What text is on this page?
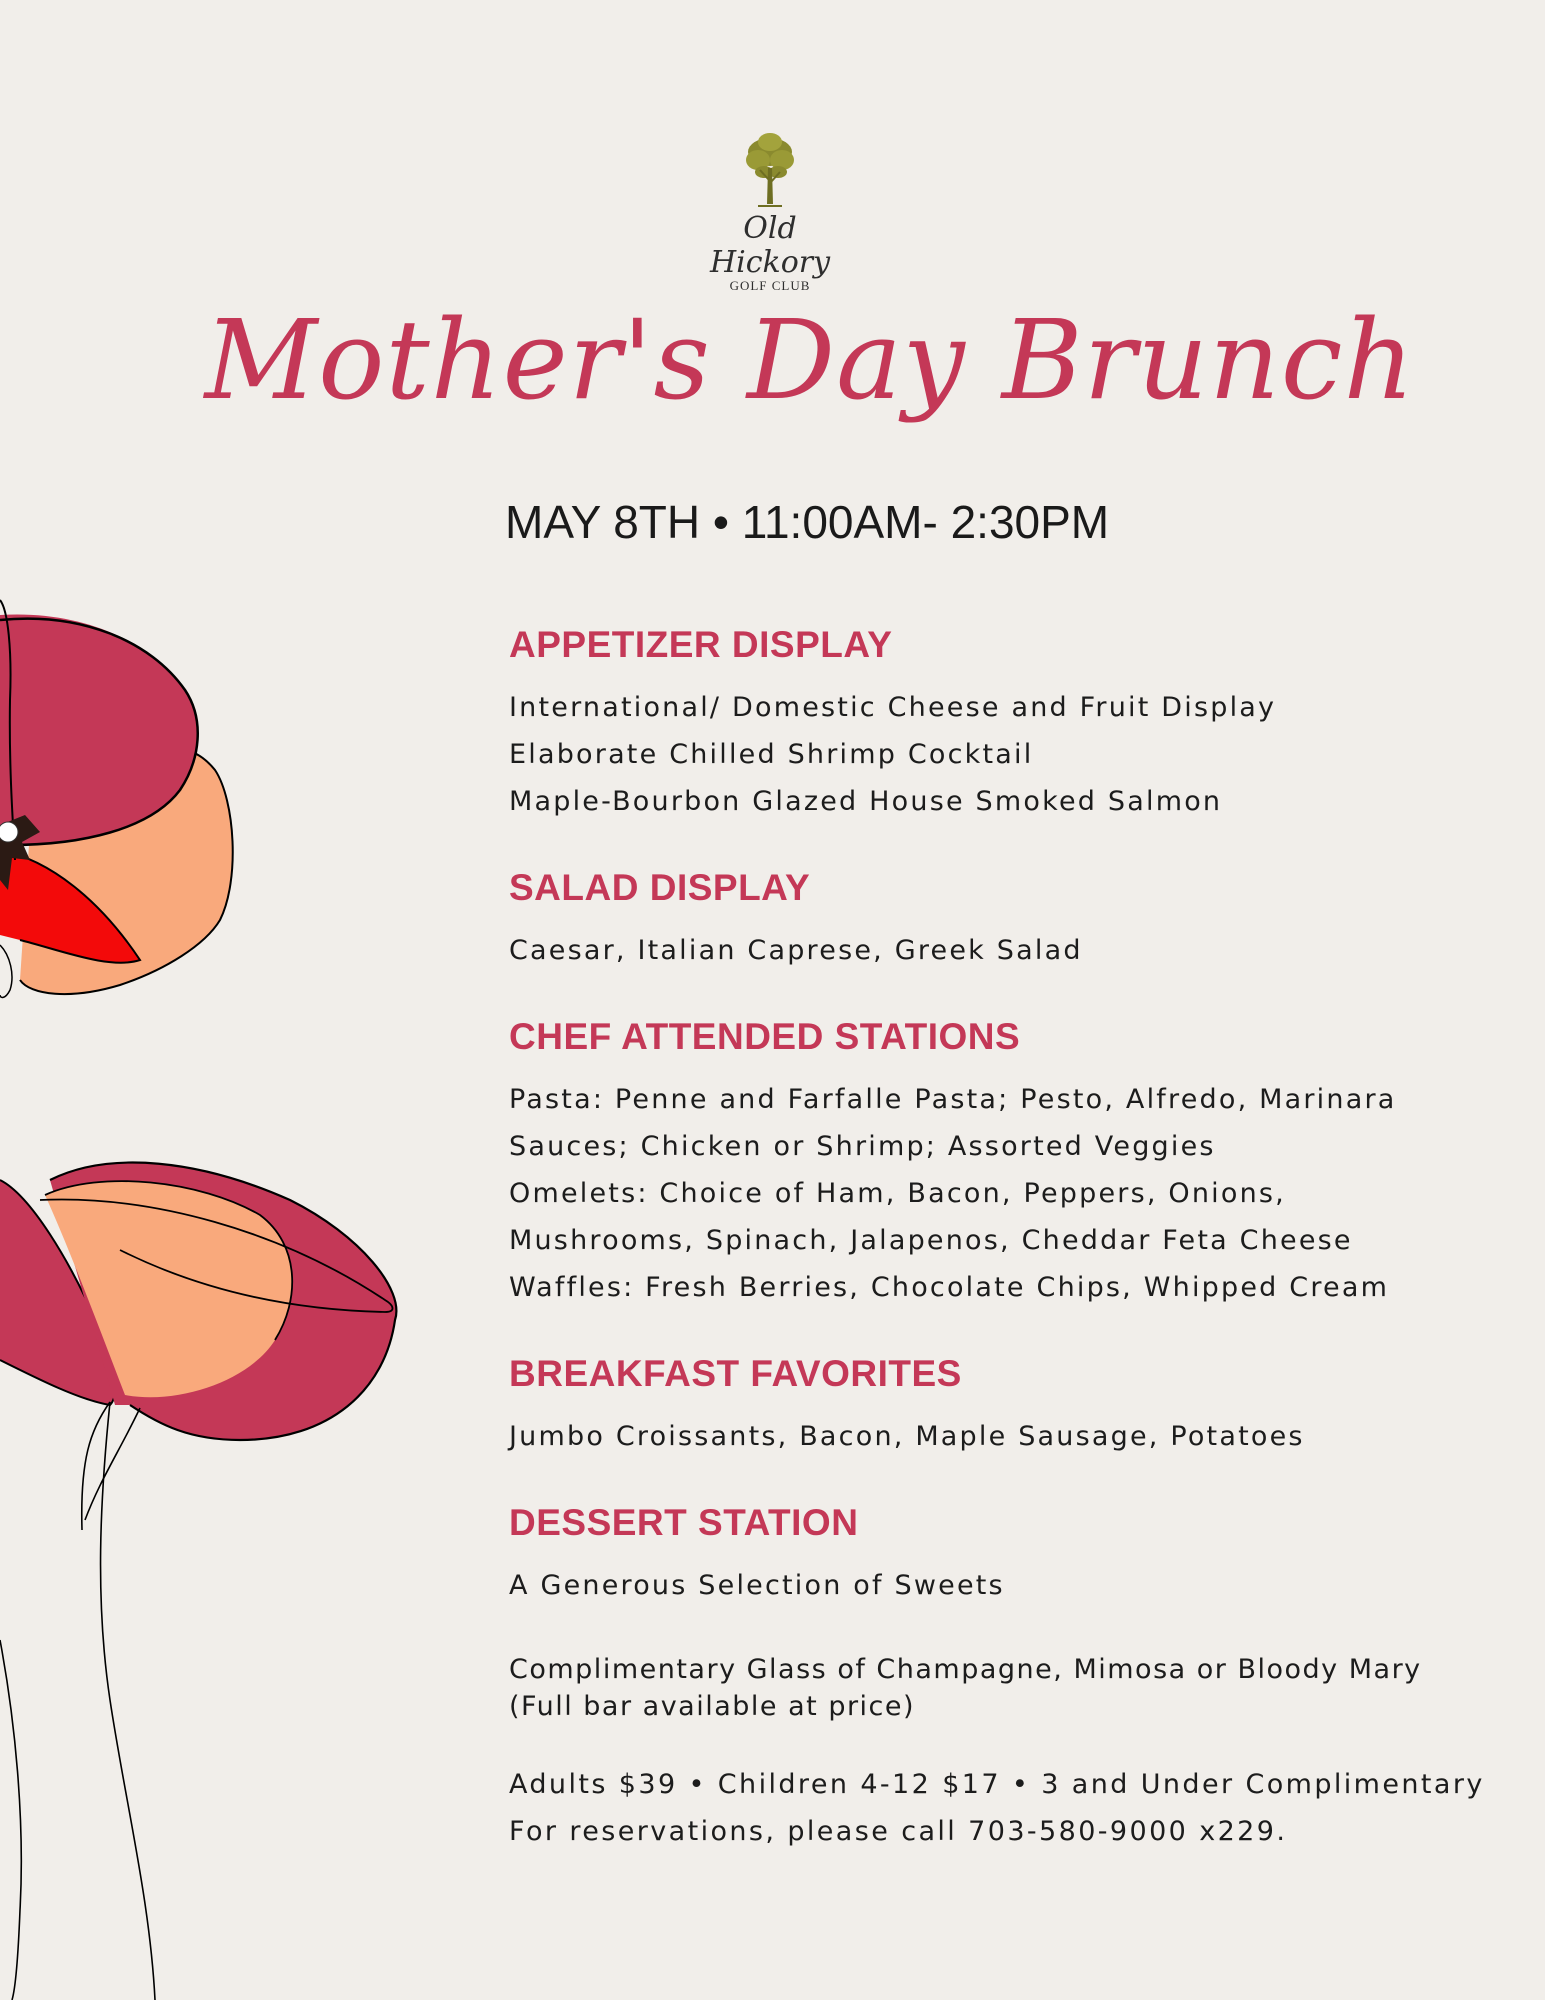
Old Hickory
GOLF CLUB
Mother's Day Brunch
MAY 8TH • 11:00AM- 2:30PM
APPETIZER DISPLAY
International/ Domestic Cheese and Fruit Display
Elaborate Chilled Shrimp Cocktail
Maple-Bourbon Glazed House Smoked Salmon
SALAD DISPLAY
Caesar, Italian Caprese, Greek Salad
CHEF ATTENDED STATIONS
Pasta: Penne and Farfalle Pasta; Pesto, Alfredo, Marinara
Sauces; Chicken or Shrimp; Assorted Veggies
Omelets: Choice of Ham, Bacon, Peppers, Onions,
Mushrooms, Spinach, Jalapenos, Cheddar Feta Cheese
Waffles: Fresh Berries, Chocolate Chips, Whipped Cream
BREAKFAST FAVORITES
Jumbo Croissants, Bacon, Maple Sausage, Potatoes
DESSERT STATION
A Generous Selection of Sweets
Complimentary Glass of Champagne, Mimosa or Bloody Mary
(Full bar available at price)
Adults $39 • Children 4-12 $17 • 3 and Under Complimentary
For reservations, please call 703-580-9000 x229.
